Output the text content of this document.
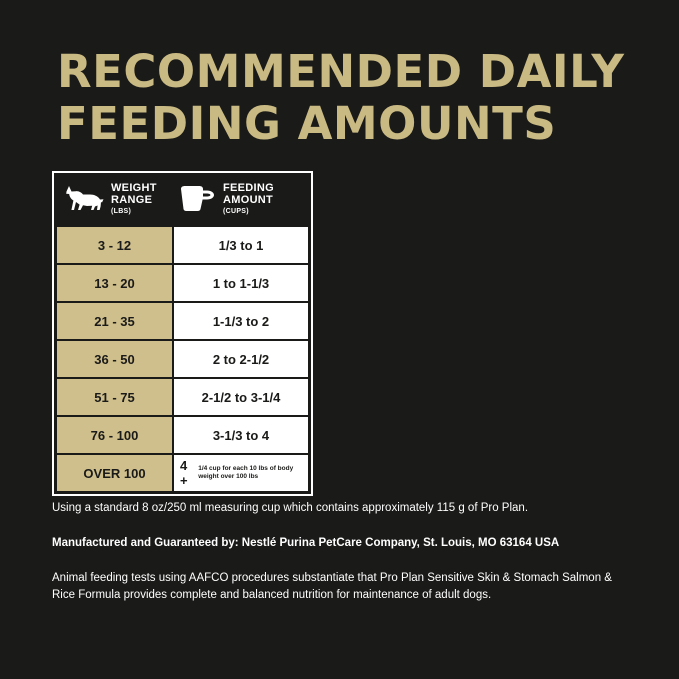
RECOMMENDED DAILY
FEEDING AMOUNTS
WEIGHT RANGE
(LBS)
FEEDING AMOUNT
(CUPS)
3 - 12	1/3 to 1
13 - 20	1 to 1-1/3
21 - 35	1-1/3 to 2
36 - 50	2 to 2-1/2
51 - 75	2-1/2 to 3-1/4
76 - 100	3-1/3 to 4
OVER 100	4 +
1/4 cup for each 10 lbs of body weight over 100 lbs
Using a standard 8 oz/250 ml measuring cup which contains approximately 115 g of Pro Plan.
Manufactured and Guaranteed by: Nestlé Purina PetCare Company, St. Louis, MO 63164 USA
Animal feeding tests using AAFCO procedures substantiate that Pro Plan Sensitive Skin & Stomach Salmon & Rice Formula provides complete and balanced nutrition for maintenance of adult dogs.
